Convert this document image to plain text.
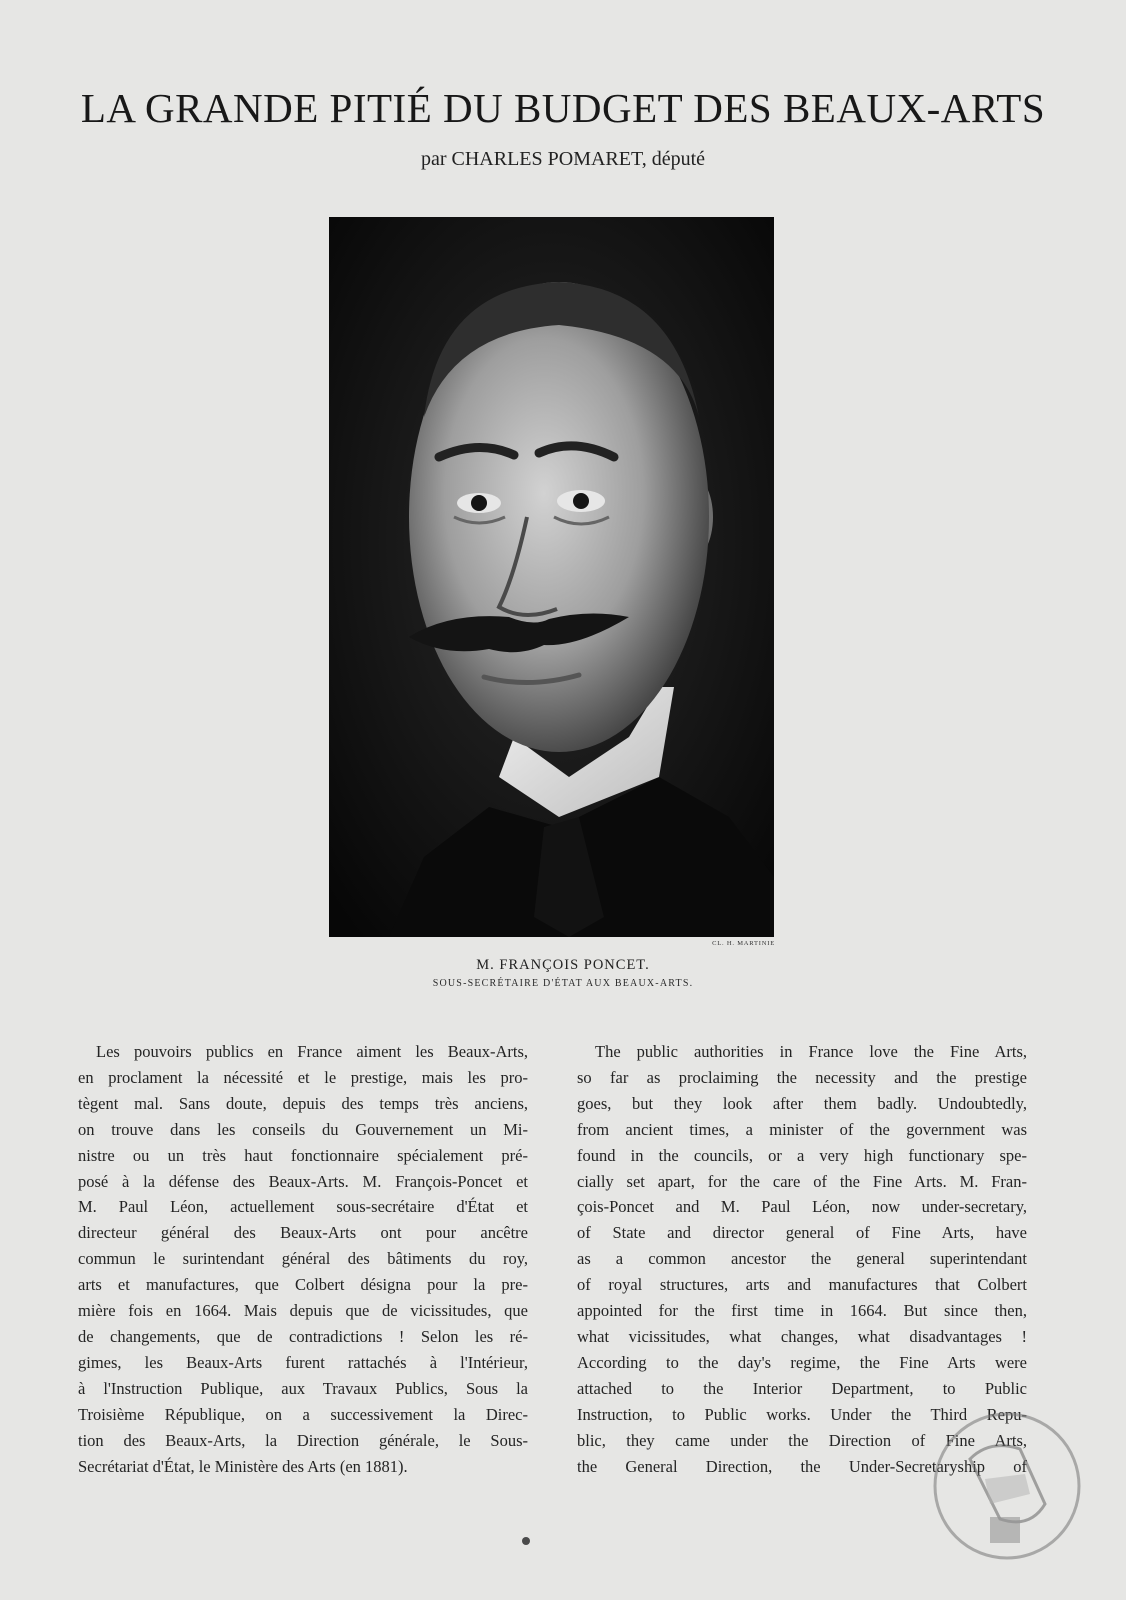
LA GRANDE PITIÉ DU BUDGET DES BEAUX-ARTS
par CHARLES POMARET, député
CL. H. MARTINIE
M. FRANÇOIS PONCET.
SOUS-SECRÉTAIRE D'ÉTAT AUX BEAUX-ARTS.
Les pouvoirs publics en France aiment les Beaux-Arts,
en proclament la nécessité et le prestige, mais les pro-
tègent mal. Sans doute, depuis des temps très anciens,
on trouve dans les conseils du Gouvernement un Mi-
nistre ou un très haut fonctionnaire spécialement pré-
posé à la défense des Beaux-Arts. M. François-Poncet et
M. Paul Léon, actuellement sous-secrétaire d'État et
directeur général des Beaux-Arts ont pour ancêtre
commun le surintendant général des bâtiments du roy,
arts et manufactures, que Colbert désigna pour la pre-
mière fois en 1664. Mais depuis que de vicissitudes, que
de changements, que de contradictions ! Selon les ré-
gimes, les Beaux-Arts furent rattachés à l'Intérieur,
à l'Instruction Publique, aux Travaux Publics, Sous la
Troisième République, on a successivement la Direc-
tion des Beaux-Arts, la Direction générale, le Sous-
Secrétariat d'État, le Ministère des Arts (en 1881).
The public authorities in France love the Fine Arts,
so far as proclaiming the necessity and the prestige
goes, but they look after them badly. Undoubtedly,
from ancient times, a minister of the government was
found in the councils, or a very high functionary spe-
cially set apart, for the care of the Fine Arts. M. Fran-
çois-Poncet and M. Paul Léon, now under-secretary,
of State and director general of Fine Arts, have
as a common ancestor the general superintendant
of royal structures, arts and manufactures that Colbert
appointed for the first time in 1664. But since then,
what vicissitudes, what changes, what disadvantages !
According to the day's regime, the Fine Arts were
attached to the Interior Department, to Public
Instruction, to Public works. Under the Third Repu-
blic, they came under the Direction of Fine Arts,
the General Direction, the Under-Secretaryship of
